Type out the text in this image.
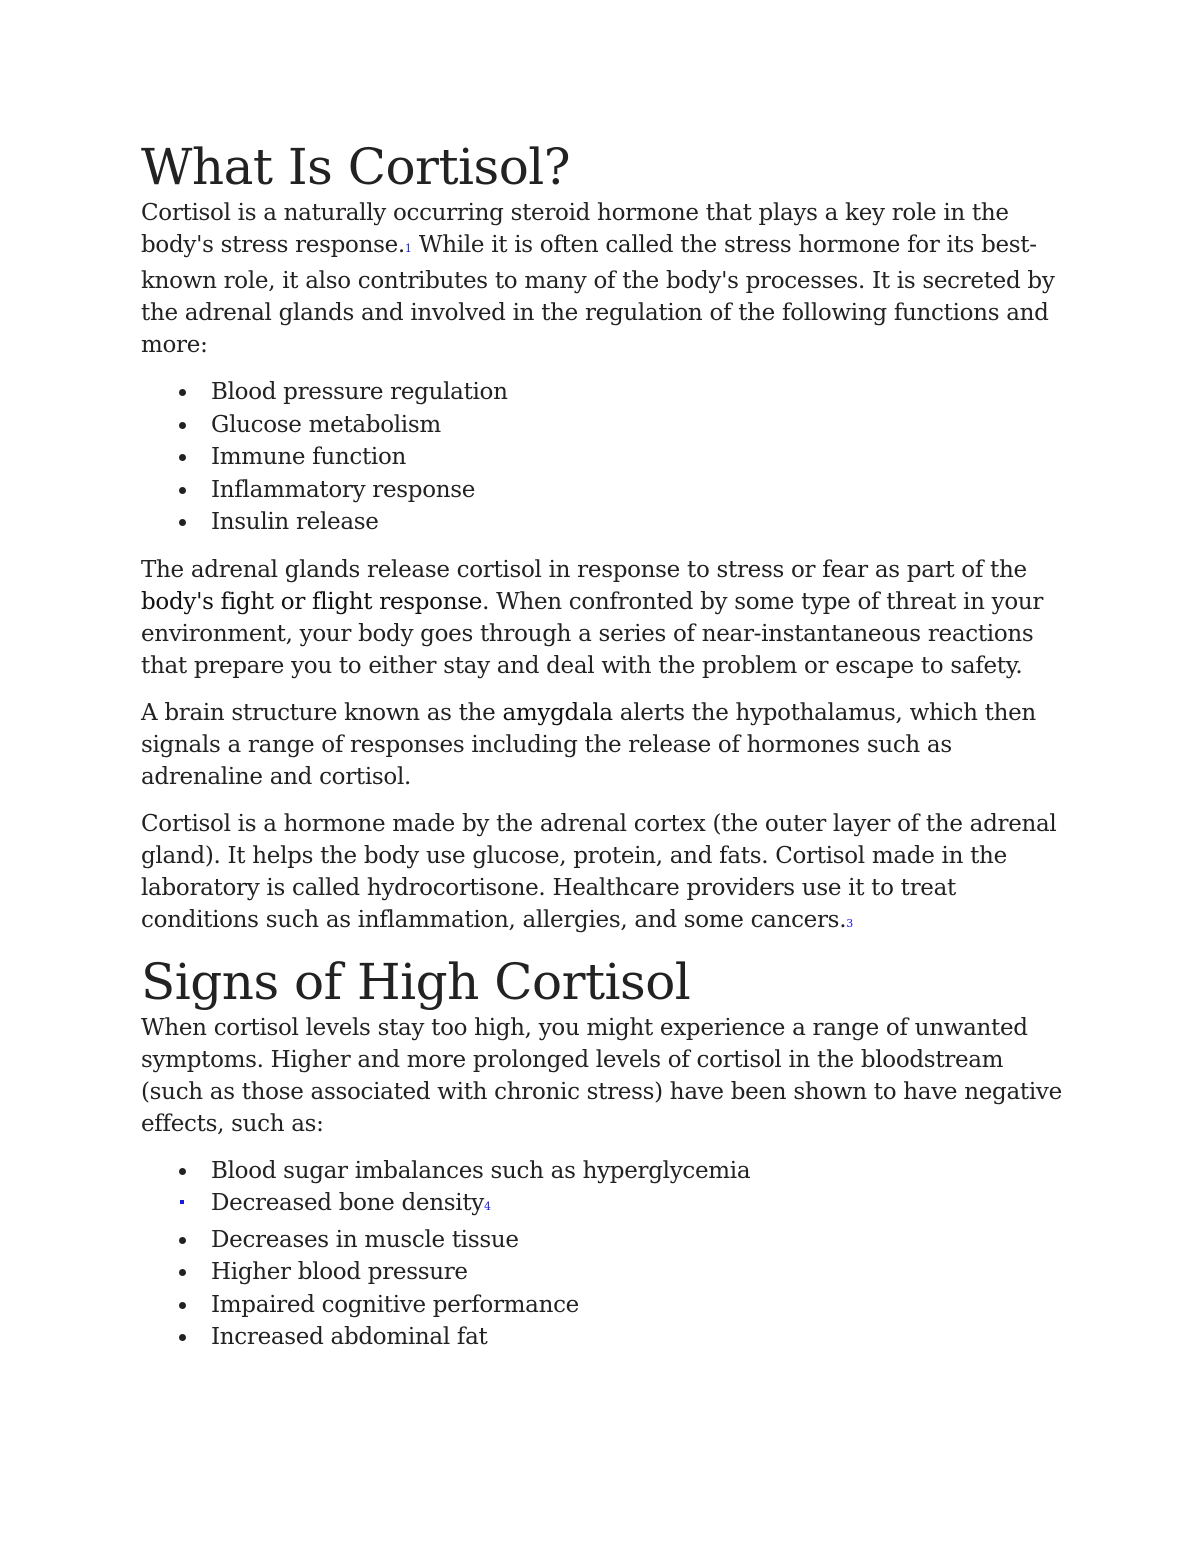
What Is Cortisol?

Cortisol is a naturally occurring steroid hormone that plays a key role in the body's stress response.1 While it is often called the stress hormone for its best-known role, it also contributes to many of the body's processes. It is secreted by the adrenal glands and involved in the regulation of the following functions and more:

Blood pressure regulation
Glucose metabolism
Immune function
Inflammatory response
Insulin release

The adrenal glands release cortisol in response to stress or fear as part of the body's fight or flight response. When confronted by some type of threat in your environment, your body goes through a series of near-instantaneous reactions that prepare you to either stay and deal with the problem or escape to safety.

A brain structure known as the amygdala alerts the hypothalamus, which then signals a range of responses including the release of hormones such as adrenaline and cortisol.

Cortisol is a hormone made by the adrenal cortex (the outer layer of the adrenal gland). It helps the body use glucose, protein, and fats. Cortisol made in the laboratory is called hydrocortisone. Healthcare providers use it to treat conditions such as inflammation, allergies, and some cancers.3

Signs of High Cortisol

When cortisol levels stay too high, you might experience a range of unwanted symptoms. Higher and more prolonged levels of cortisol in the bloodstream (such as those associated with chronic stress) have been shown to have negative effects, such as:

Blood sugar imbalances such as hyperglycemia
Decreased bone density4
Decreases in muscle tissue
Higher blood pressure
Impaired cognitive performance
Increased abdominal fat
